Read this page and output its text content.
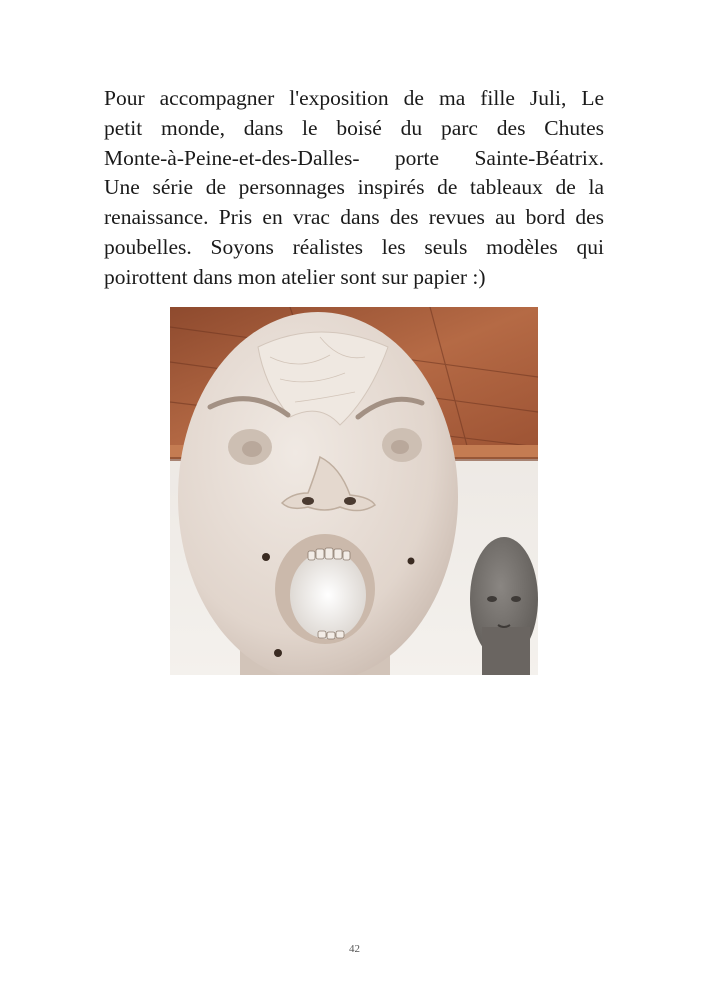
Pour accompagner l'exposition de ma fille Juli, Le
petit monde, dans le boisé du parc des Chutes
Monte-à-Peine-et-des-Dalles- porte Sainte-Béatrix.
Une série de personnages inspirés de tableaux de la
renaissance. Pris en vrac dans des revues au bord des
poubelles. Soyons réalistes les seuls modèles qui
poirottent dans mon atelier sont sur papier :)
42
